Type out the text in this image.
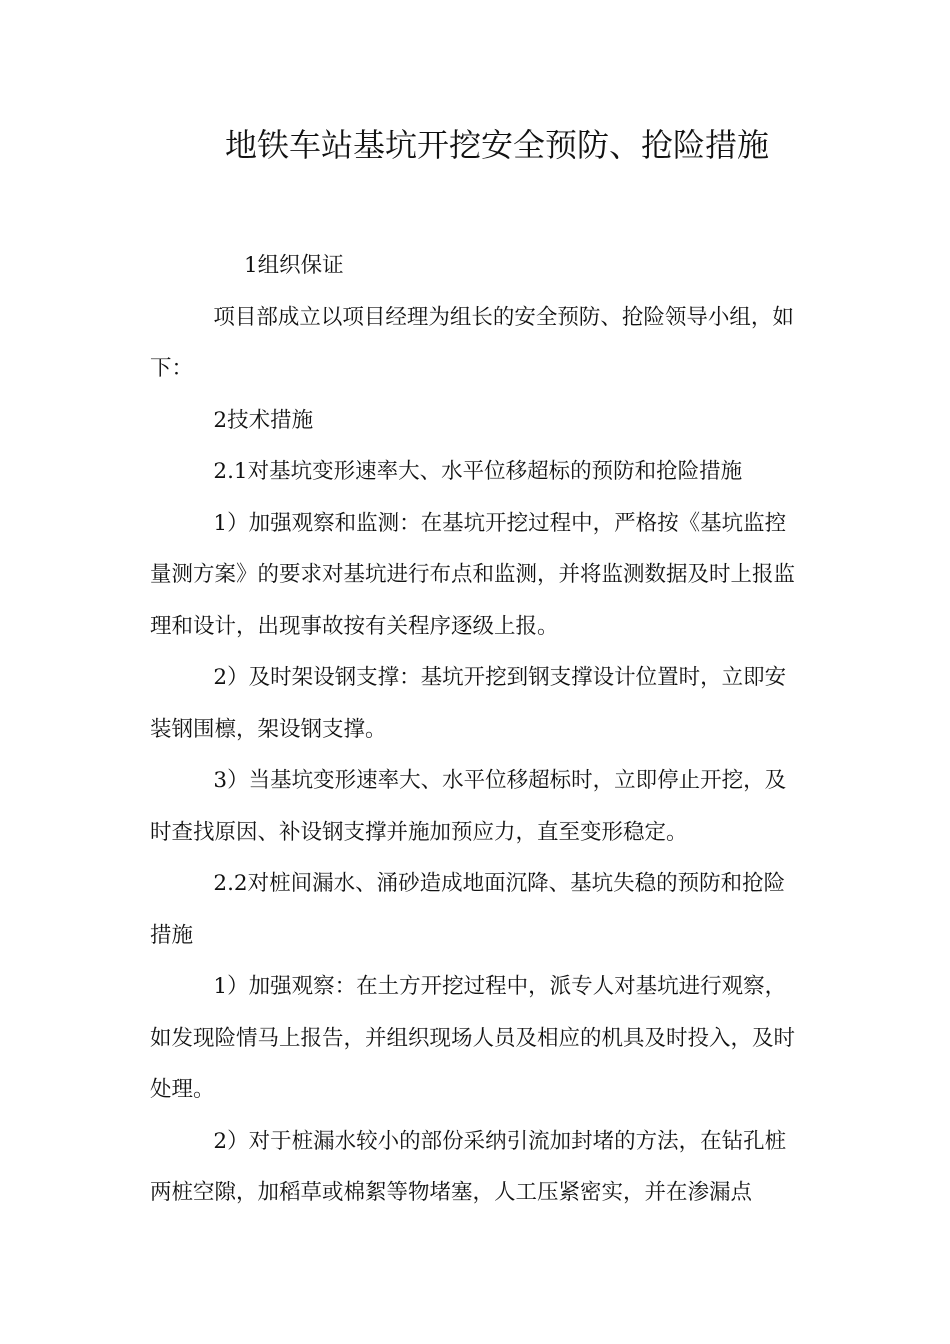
地铁车站基坑开挖安全预防、抢险措施

1组织保证

项目部成立以项目经理为组长的安全预防、抢险领导小组，如下：

2技术措施

2.1对基坑变形速率大、水平位移超标的预防和抢险措施

1）加强观察和监测：在基坑开挖过程中，严格按《基坑监控量测方案》的要求对基坑进行布点和监测，并将监测数据及时上报监理和设计，出现事故按有关程序逐级上报。

2）及时架设钢支撑：基坑开挖到钢支撑设计位置时，立即安装钢围檩，架设钢支撑。

3）当基坑变形速率大、水平位移超标时，立即停止开挖，及时查找原因、补设钢支撑并施加预应力，直至变形稳定。

2.2对桩间漏水、涌砂造成地面沉降、基坑失稳的预防和抢险措施

1）加强观察：在土方开挖过程中，派专人对基坑进行观察，如发现险情马上报告，并组织现场人员及相应的机具及时投入，及时处理。

2）对于桩漏水较小的部份采纳引流加封堵的方法，在钻孔桩两桩空隙，加稻草或棉絮等物堵塞，人工压紧密实，并在渗漏点
